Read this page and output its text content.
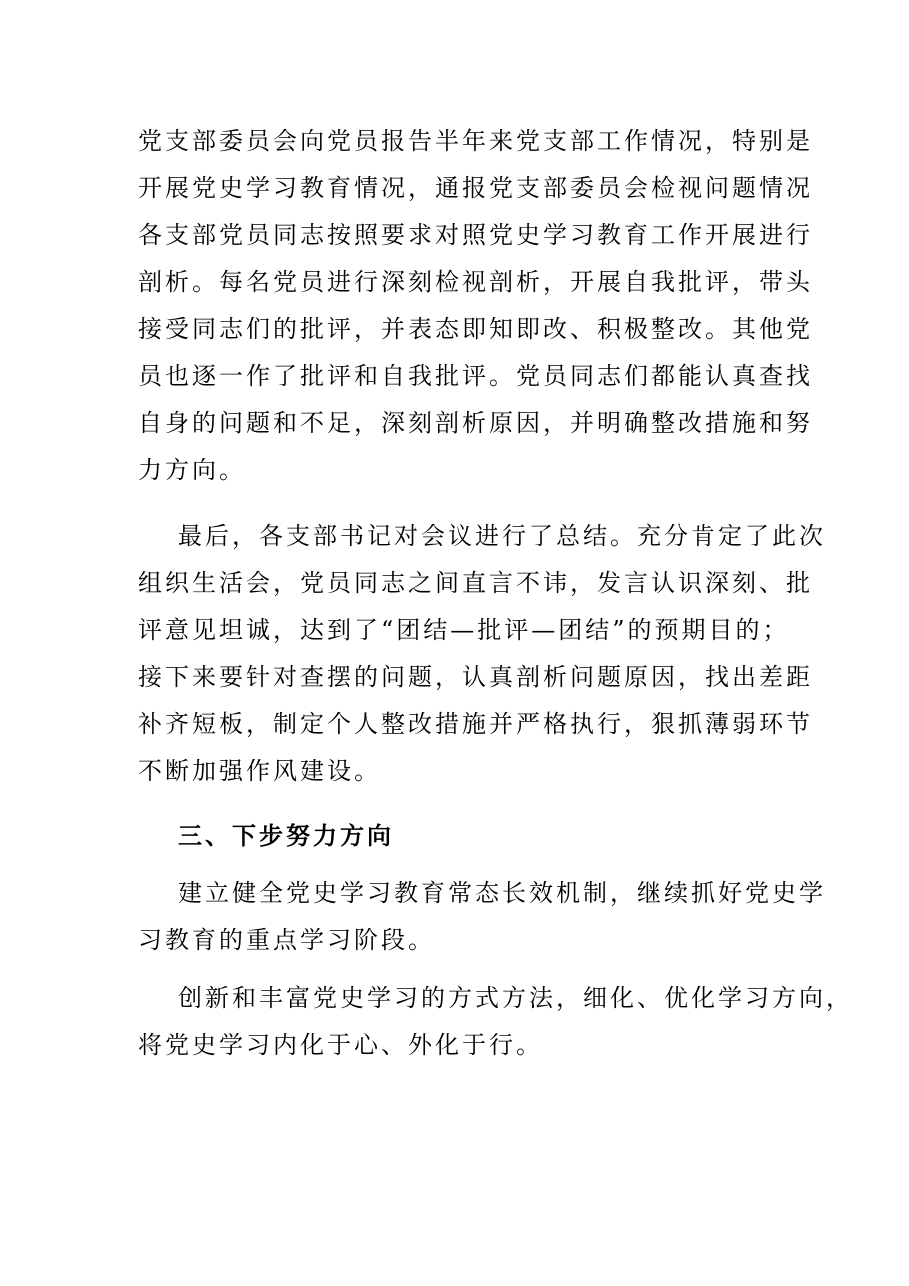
党支部委员会向党员报告半年来党支部工作情况，特别是
开展党史学习教育情况，通报党支部委员会检视问题情况
各支部党员同志按照要求对照党史学习教育工作开展进行
剖析。每名党员进行深刻检视剖析，开展自我批评，带头
接受同志们的批评，并表态即知即改、积极整改。其他党
员也逐一作了批评和自我批评。党员同志们都能认真查找
自身的问题和不足，深刻剖析原因，并明确整改措施和努
力方向。
最后，各支部书记对会议进行了总结。充分肯定了此次
组织生活会，党员同志之间直言不讳，发言认识深刻、批
评意见坦诚，达到了“团结—批评—团结”的预期目的；
接下来要针对查摆的问题，认真剖析问题原因，找出差距
补齐短板，制定个人整改措施并严格执行，狠抓薄弱环节
不断加强作风建设。
三、下步努力方向
建立健全党史学习教育常态长效机制，继续抓好党史学
习教育的重点学习阶段。
创新和丰富党史学习的方式方法，细化、优化学习方向，
将党史学习内化于心、外化于行。
